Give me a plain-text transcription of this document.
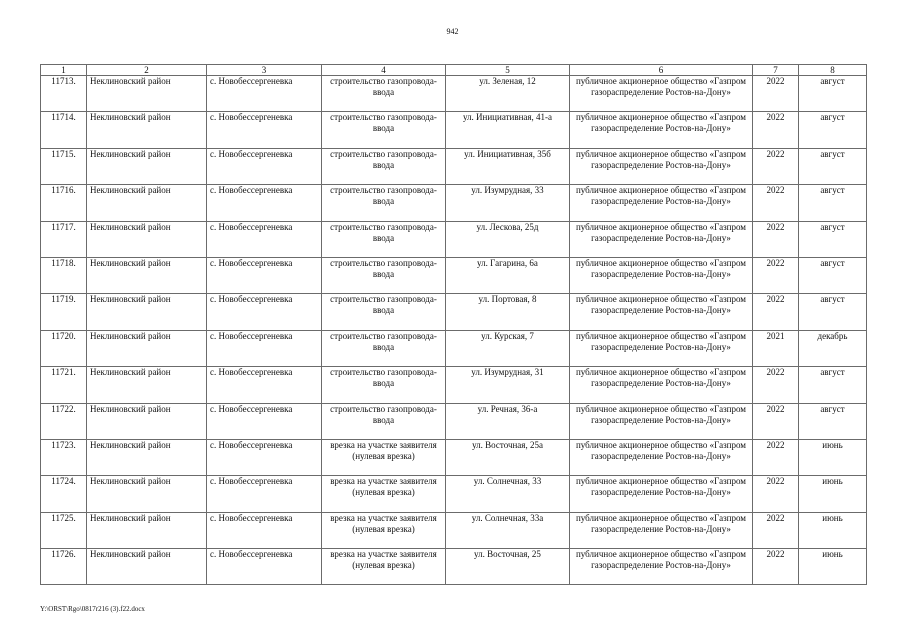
942
1	2	3	4	5	6	7	8
11713.	Неклиновский район	с. Новобессергеневка	строительство газопровода-ввода	ул. Зеленая, 12	публичное акционерное общество «Газпром газораспределение Ростов-на-Дону»	2022	август
11714.	Неклиновский район	с. Новобессергеневка	строительство газопровода-ввода	ул. Инициативная, 41-а	публичное акционерное общество «Газпром газораспределение Ростов-на-Дону»	2022	август
11715.	Неклиновский район	с. Новобессергеневка	строительство газопровода-ввода	ул. Инициативная, 35б	публичное акционерное общество «Газпром газораспределение Ростов-на-Дону»	2022	август
11716.	Неклиновский район	с. Новобессергеневка	строительство газопровода-ввода	ул. Изумрудная, 33	публичное акционерное общество «Газпром газораспределение Ростов-на-Дону»	2022	август
11717.	Неклиновский район	с. Новобессергеневка	строительство газопровода-ввода	ул. Лескова, 25д	публичное акционерное общество «Газпром газораспределение Ростов-на-Дону»	2022	август
11718.	Неклиновский район	с. Новобессергеневка	строительство газопровода-ввода	ул. Гагарина, 6а	публичное акционерное общество «Газпром газораспределение Ростов-на-Дону»	2022	август
11719.	Неклиновский район	с. Новобессергеневка	строительство газопровода-ввода	ул. Портовая, 8	публичное акционерное общество «Газпром газораспределение Ростов-на-Дону»	2022	август
11720.	Неклиновский район	с. Новобессергеневка	строительство газопровода-ввода	ул. Курская, 7	публичное акционерное общество «Газпром газораспределение Ростов-на-Дону»	2021	декабрь
11721.	Неклиновский район	с. Новобессергеневка	строительство газопровода-ввода	ул. Изумрудная, 31	публичное акционерное общество «Газпром газораспределение Ростов-на-Дону»	2022	август
11722.	Неклиновский район	с. Новобессергеневка	строительство газопровода-ввода	ул. Речная, 36-а	публичное акционерное общество «Газпром газораспределение Ростов-на-Дону»	2022	август
11723.	Неклиновский район	с. Новобессергеневка	врезка на участке заявителя (нулевая врезка)	ул. Восточная, 25а	публичное акционерное общество «Газпром газораспределение Ростов-на-Дону»	2022	июнь
11724.	Неклиновский район	с. Новобессергеневка	врезка на участке заявителя (нулевая врезка)	ул. Солнечная, 33	публичное акционерное общество «Газпром газораспределение Ростов-на-Дону»	2022	июнь
11725.	Неклиновский район	с. Новобессергеневка	врезка на участке заявителя (нулевая врезка)	ул. Солнечная, 33а	публичное акционерное общество «Газпром газораспределение Ростов-на-Дону»	2022	июнь
11726.	Неклиновский район	с. Новобессергеневка	врезка на участке заявителя (нулевая врезка)	ул. Восточная, 25	публичное акционерное общество «Газпром газораспределение Ростов-на-Дону»	2022	июнь
Y:\ORST\Rgo\0817r216 (3).f22.docx
